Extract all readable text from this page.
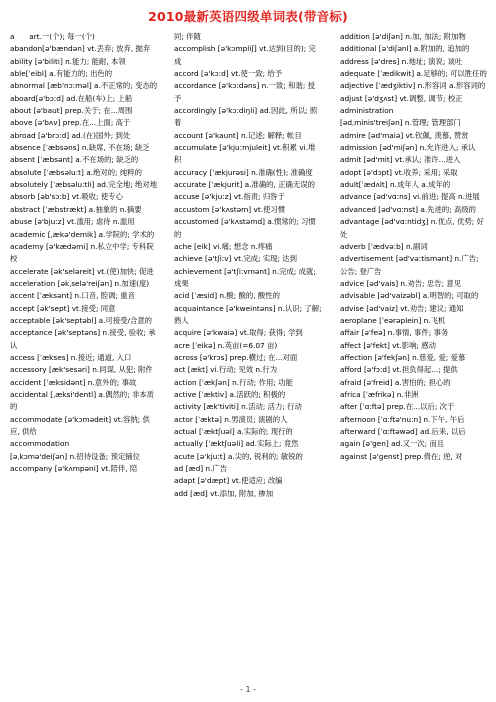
2010最新英语四级单词表(带音标)

a　　art.一(个); 每一(个)

abandon[ə'bændən] vt.丢弃; 放弃, 抛弃

ability [ə'biliti] n.能力; 能耐, 本领

able[ˈeibl] a.有能力的; 出色的

abnormal [æb'nɔ:məl] a.不正常的; 变态的

aboard[ə'bɔ:d] ad.在船(车)上; 上船

about [ə'baut] prep.关于; 在...周围

above [ə'bʌv] prep.在...上面; 高于

abroad [ə'brɔ:d] ad.(在)国外; 到处

absence [ˈæbsəns] n.缺席, 不在场; 缺乏

absent [ˈæbsənt] a.不在场的; 缺乏的

absolute [ˈæbsəlu:t] a.绝对的; 纯粹的

absolutely [ˈæbsəlu:tli] ad.完全地; 绝对地

absorb [əb'sɔ:b] vt.吸收; 使专心

abstract [ˈæbstrækt] a.抽象的 n.摘要

abuse [ə'bju:z] vt.滥用; 虐待 n.滥用

academic [ˌækə'demik] a.学院的; 学术的

academy [ə'kædəmi] n.私立中学; 专科院校

accelerate [ək'seləreit] vt.(使)加快; 促进

acceleration [əkˌselə'reiʃən] n.加速(度)

accent [ˈæksənt] n.口音, 腔调; 重音

accept [ək'sept] vt.接受; 同意

acceptable [ək'septəbl] a.可接受/合意的

acceptance [ək'septəns] n.接受, 验收; 承认

access [ˈækses] n.接近; 通道, 入口

accessory [æk'sesəri] n.同谋, 从犯; 附件

accident [ˈæksidənt] n.意外的; 事故

accidental [ˌæksi'dentl] a.偶然的; 非本质的

accommodate [ə'kɔmədeit] vt.容纳; 供应, 供给

accommodation

[əˌkɔmə'deiʃən] n.招待设备; 预定铺位

accompany [ə'kʌmpəni] vt.陪伴, 陪

同; 伴随

accomplish [ə'kɔmpliʃ] vt.达到(目的); 完成

accord [ə'kɔ:d] vt.使一致; 给予

accordance [ə'kɔ:dəns] n.一致; 和谐; 授予

accordingly [ə'kɔ:diŋli] ad.因此, 所以; 照着

account [ə'kaunt] n.记述; 解释; 帐目

accumulate [ə'kju:mjuleit] vt.积累 vi.堆积

accuracy [ˈækjurəsi] n.准确(性); 准确度

accurate [ˈækjurit] a.准确的, 正确无误的

accuse [ə'kju:z] vt.指责; 归咎于

accustom [ə'kʌstəm] vt.使习惯

accustomed [ə'kʌstəmd] a.惯常的; 习惯的

ache [eik] vi.痛; 想念 n.疼痛

achieve [ə'tʃi:v] vt.完成; 实现; 达到

achievement [ə'tʃi:vmənt] n.完成; 成就; 成果

acid [ˈæsid] n.酸; 酸的, 酸性的

acquaintance [ə'kweintəns] n.认识; 了解; 熟人

acquire [ə'kwaiə] vt.取得; 获得; 学到

acre [ˈeikə] n.英亩(=6.07 亩)

across [ə'krɔs] prep.横过; 在...对面

act [ækt] vi.行动; 见效 n.行为

action [ˈækʃən] n.行动; 作用; 功能

active [ˈæktiv] a.活跃的; 积极的

activity [æk'tiviti] n.活动; 活力; 行动

actor [ˈæktə] n.男演员; 演剧的人

actual [ˈæktʃuəl] a.实际的; 现行的

actually [ˈæktʃuəli] ad.实际上; 竟然

acute [ə'kju:t] a.尖的, 锐利的; 敏锐的

ad [æd] n.广告

adapt [ə'dæpt] vt.使适应; 改编

add [æd] vt.添加, 附加, 掺加

addition [ə'diʃən] n.加, 加法; 附加物

additional [ə'diʃənl] a.附加的, 追加的

address [ə'dres] n.地址; 演说; 谈吐

adequate [ˈædikwit] a.足够的; 可以胜任的

adjective [ˈædʒiktiv] n.形容词 a.形容词的

adjust [ə'dʒʌst] vt.调整, 调节; 校正

administration

[ədˌminis'treiʃən] n.管理; 管理部门

admire [əd'maiə] vt.钦佩, 羡慕, 赞赏

admission [əd'miʃən] n.允许进入; 承认

admit [əd'mit] vt.承认; 准许...进入

adopt [ə'dɔpt] vt.收养; 采用; 采取

adult[ˈædʌlt] n.成年人 a.成年的

advance [əd'vɑ:ns] vi.前进; 提高 n.进展

advanced [əd'vɑ:nst] a.先进的; 高级的

advantage [əd'vɑ:ntidʒ] n.优点, 优势; 好处

adverb [ˈædvə:b] n.副词

advertisement [əd'və:tismənt] n.广告; 公告; 登广告

advice [əd'vais] n.劝告; 忠告; 意见

advisable [əd'vaizəbl] a.明智的; 可取的

advise [əd'vaiz] vt.劝告; 建议; 通知

aeroplane [ˈeərəplein] n.飞机

affair [ə'feə] n.事情, 事件; 事务

affect [ə'fekt] vt.影响; 感动

affection [ə'fekʃən] n.慈爱, 爱; 爱慕

afford [ə'fɔ:d] vt.担负得起...; 提供

afraid [ə'freid] a.害怕的; 担心的

africa [ˈæfrikə] n.非洲

after [ˈɑ:ftə] prep.在...以后; 次于

afternoon [ˈɑ:ftə'nu:n] n.下午, 午后

afterward [ˈɑ:ftəwəd] ad.后来, 以后

again [ə'gen] ad.又一次; 而且

against [ə'genst] prep.倚在; 逆, 对

- 1 -
